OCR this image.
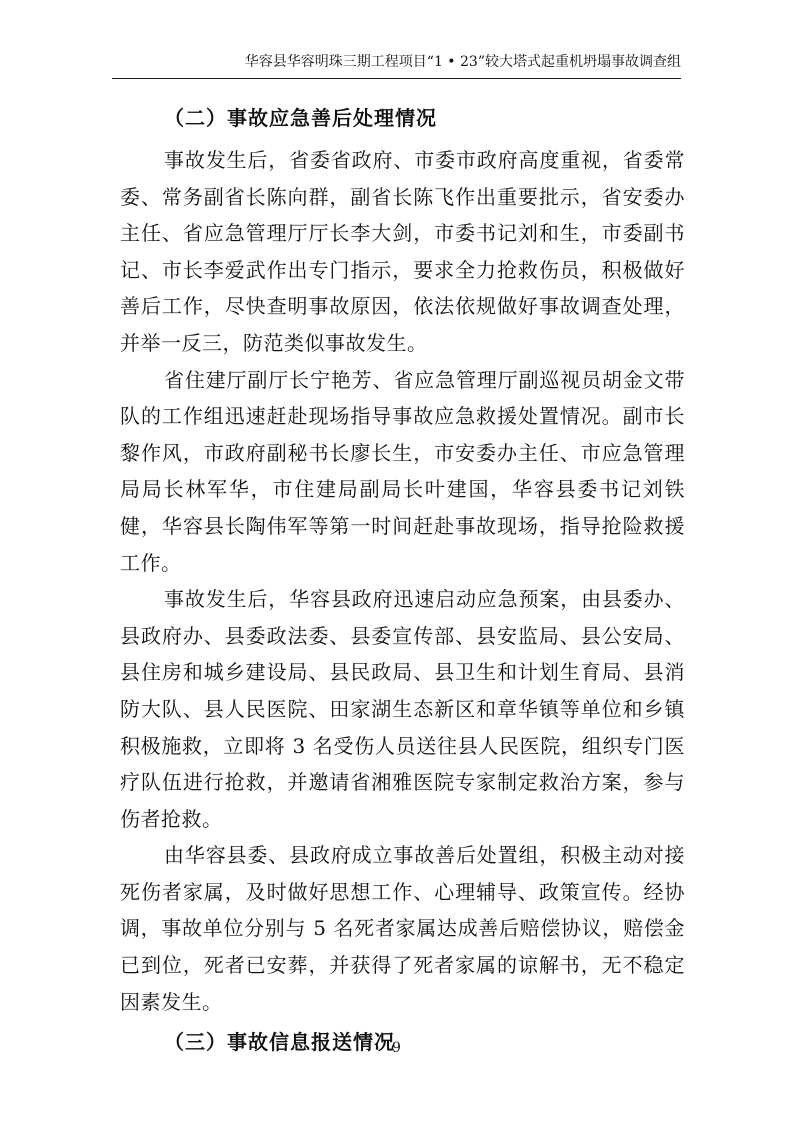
华容县华容明珠三期工程项目“1 • 23”较大塔式起重机坍塌事故调查组
（二）事故应急善后处理情况

事故发生后，省委省政府、市委市政府高度重视，省委常委、常务副省长陈向群，副省长陈飞作出重要批示，省安委办主任、省应急管理厅厅长李大剑，市委书记刘和生，市委副书记、市长李爱武作出专门指示，要求全力抢救伤员，积极做好善后工作，尽快查明事故原因，依法依规做好事故调查处理，并举一反三，防范类似事故发生。

省住建厅副厅长宁艳芳、省应急管理厅副巡视员胡金文带队的工作组迅速赶赴现场指导事故应急救援处置情况。副市长黎作风，市政府副秘书长廖长生，市安委办主任、市应急管理局局长林军华，市住建局副局长叶建国，华容县委书记刘铁健，华容县长陶伟军等第一时间赶赴事故现场，指导抢险救援工作。

事故发生后，华容县政府迅速启动应急预案，由县委办、县政府办、县委政法委、县委宣传部、县安监局、县公安局、县住房和城乡建设局、县民政局、县卫生和计划生育局、县消防大队、县人民医院、田家湖生态新区和章华镇等单位和乡镇积极施救，立即将 3 名受伤人员送往县人民医院，组织专门医疗队伍进行抢救，并邀请省湘雅医院专家制定救治方案，参与伤者抢救。

由华容县委、县政府成立事故善后处置组，积极主动对接死伤者家属，及时做好思想工作、心理辅导、政策宣传。经协调，事故单位分别与 5 名死者家属达成善后赔偿协议，赔偿金已到位，死者已安葬，并获得了死者家属的谅解书，无不稳定因素发生。

（三）事故信息报送情况
9
